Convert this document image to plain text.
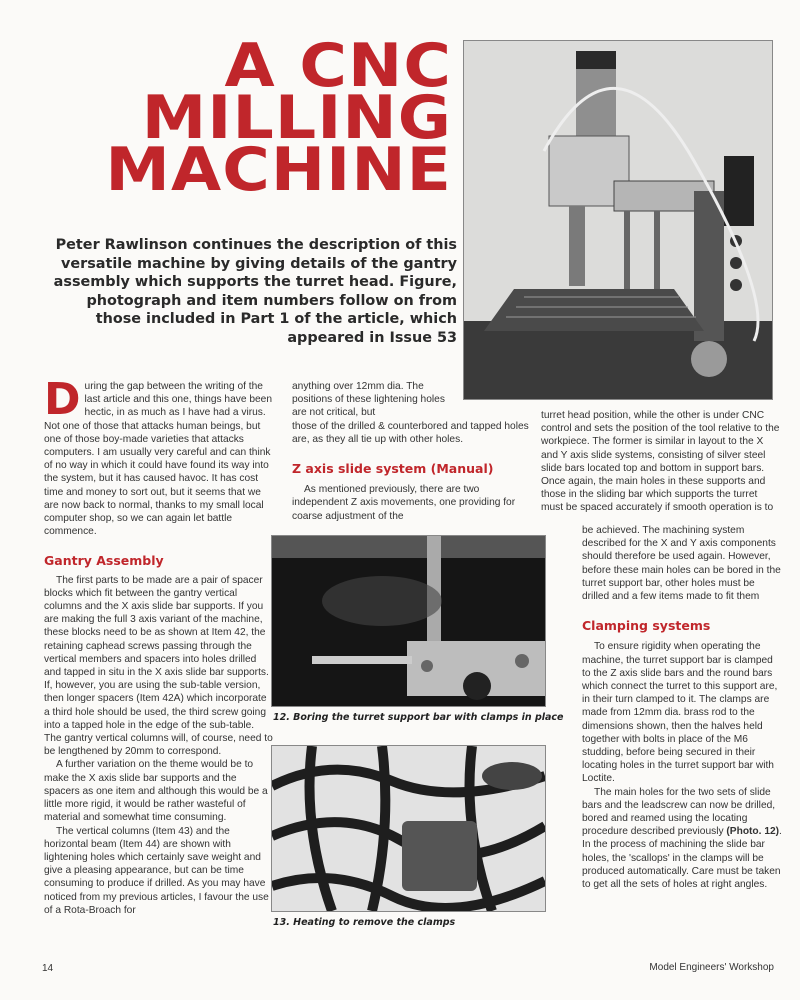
A CNC
MILLING
MACHINE
Peter Rawlinson continues the description of this versatile machine by giving details of the gantry assembly which supports the turret head. Figure, photograph and item numbers follow on from those included in Part 1 of the article, which appeared in Issue 53

During the gap between the writing of the last article and this one, things have been hectic, in as much as I have had a virus. Not one of those that attacks human beings, but one of those boy-made varieties that attacks computers. I am usually very careful and can think of no way in which it could have found its way into the system, but it has caused havoc. It has cost time and money to sort out, but it seems that we are now back to normal, thanks to my small local computer shop, so we can again let battle commence.

Gantry Assembly

The first parts to be made are a pair of spacer blocks which fit between the gantry vertical columns and the X axis slide bar supports. If you are making the full 3 axis variant of the machine, these blocks need to be as shown at Item 42, the retaining caphead screws passing through the vertical members and spacers into holes drilled and tapped in situ in the X axis slide bar supports. If, however, you are using the sub-table version, then longer spacers (Item 42A) which incorporate a third hole should be used, the third screw going into a tapped hole in the edge of the sub-table. The gantry vertical columns will, of course, need to be lengthened by 20mm to correspond.

A further variation on the theme would be to make the X axis slide bar supports and the spacers as one item and although this would be a little more rigid, it would be rather wasteful of material and somewhat time consuming.

The vertical columns (Item 43) and the horizontal beam (Item 44) are shown with lightening holes which certainly save weight and give a pleasing appearance, but can be time consuming to produce if drilled. As you may have noticed from my previous articles, I favour the use of a Rota-Broach for

anything over 12mm dia. The positions of these lightening holes are not critical, but

those of the drilled & counterbored and tapped holes are, as they all tie up with other holes.

Z axis slide system (Manual)

As mentioned previously, there are two independent Z axis movements, one providing for coarse adjustment of the

12. Boring the turret support bar with clamps in place
13. Heating to remove the clamps

turret head position, while the other is under CNC control and sets the position of the tool relative to the workpiece. The former is similar in layout to the X and Y axis slide systems, consisting of silver steel slide bars located top and bottom in support bars. Once again, the main holes in these supports and those in the sliding bar which supports the turret must be spaced accurately if smooth operation is to

be achieved. The machining system described for the X and Y axis components should therefore be used again. However, before these main holes can be bored in the turret support bar, other holes must be drilled and a few items made to fit them

Clamping systems

To ensure rigidity when operating the machine, the turret support bar is clamped to the Z axis slide bars and the round bars which connect the turret to this support are, in their turn clamped to it. The clamps are made from 12mm dia. brass rod to the dimensions shown, then the halves held together with bolts in place of the M6 studding, before being secured in their locating holes in the turret support bar with Loctite.

The main holes for the two sets of slide bars and the leadscrew can now be drilled, bored and reamed using the locating procedure described previously (Photo. 12). In the process of machining the slide bar holes, the 'scallops' in the clamps will be produced automatically. Care must be taken to get all the sets of holes at right angles.

14	Model Engineers' Workshop
